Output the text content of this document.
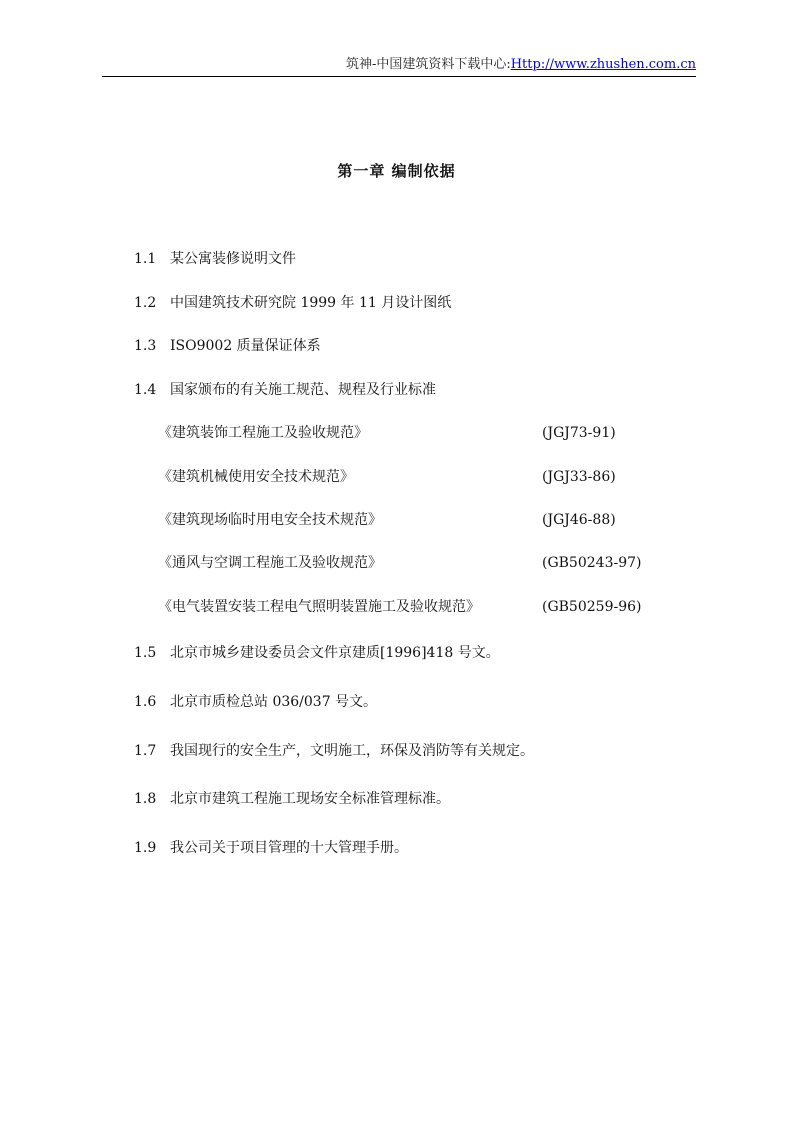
筑神-中国建筑资料下载中心:Http://www.zhushen.com.cn
第一章 编制依据
1.1 某公寓装修说明文件
1.2 中国建筑技术研究院 1999 年 11 月设计图纸
1.3 ISO9002 质量保证体系
1.4 国家颁布的有关施工规范、规程及行业标准
《建筑装饰工程施工及验收规范》	(JGJ73-91)
《建筑机械使用安全技术规范》	(JGJ33-86)
《建筑现场临时用电安全技术规范》	(JGJ46-88)
《通风与空调工程施工及验收规范》	(GB50243-97)
《电气装置安装工程电气照明装置施工及验收规范》	(GB50259-96)
1.5 北京市城乡建设委员会文件京建质[1996]418 号文。
1.6 北京市质检总站 036/037 号文。
1.7 我国现行的安全生产，文明施工，环保及消防等有关规定。
1.8 北京市建筑工程施工现场安全标准管理标准。
1.9 我公司关于项目管理的十大管理手册。
